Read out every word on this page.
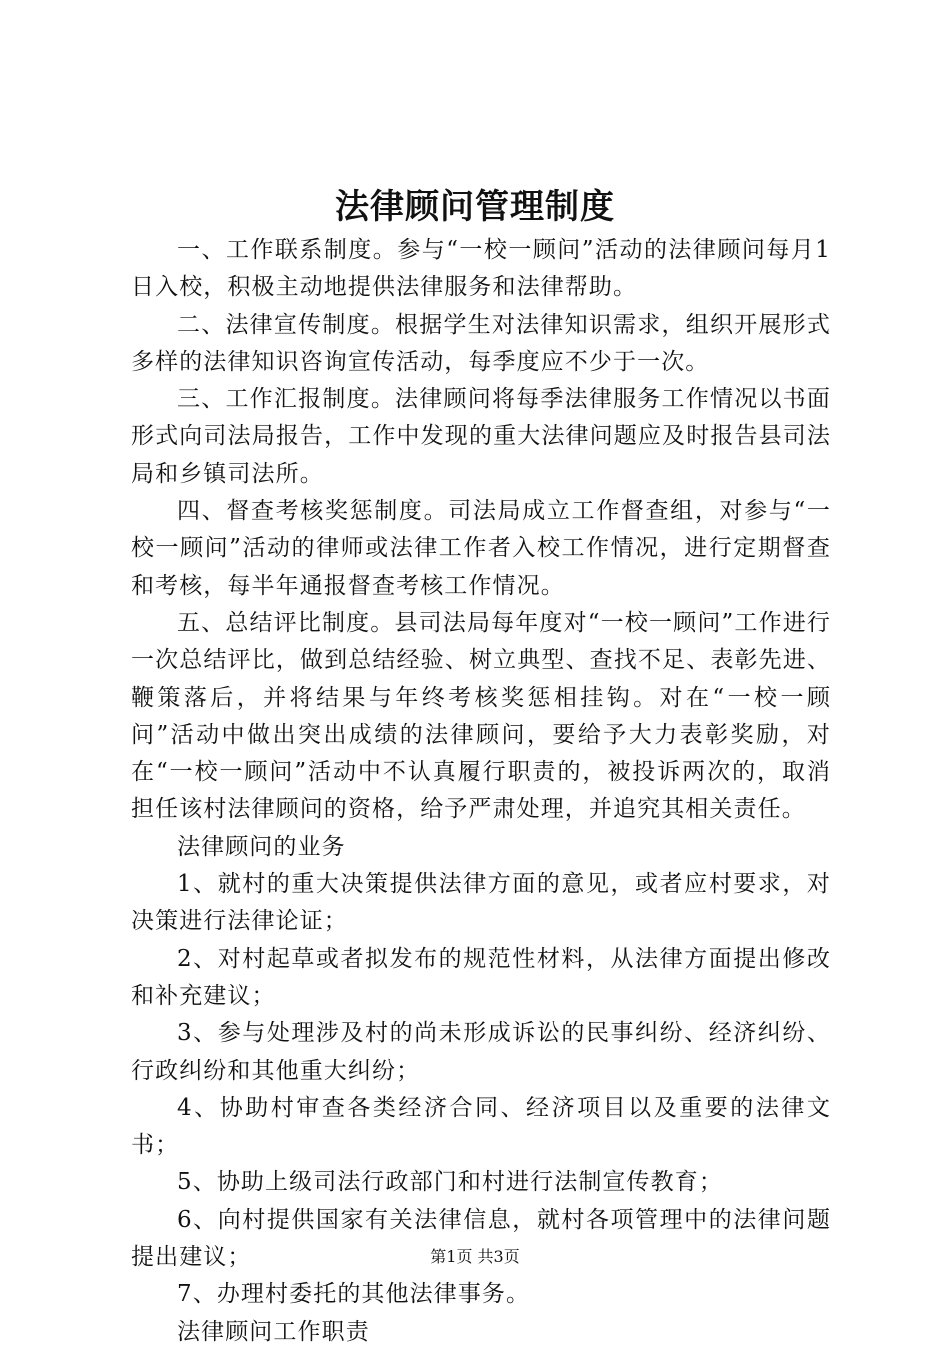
法律顾问管理制度

一、工作联系制度。参与“一校一顾问”活动的法律顾问每月1日入校，积极主动地提供法律服务和法律帮助。

二、法律宣传制度。根据学生对法律知识需求，组织开展形式多样的法律知识咨询宣传活动，每季度应不少于一次。

三、工作汇报制度。法律顾问将每季法律服务工作情况以书面形式向司法局报告，工作中发现的重大法律问题应及时报告县司法局和乡镇司法所。

四、督查考核奖惩制度。司法局成立工作督查组，对参与“一校一顾问”活动的律师或法律工作者入校工作情况，进行定期督查和考核，每半年通报督查考核工作情况。

五、总结评比制度。县司法局每年度对“一校一顾问”工作进行一次总结评比，做到总结经验、树立典型、查找不足、表彰先进、鞭策落后，并将结果与年终考核奖惩相挂钩。对在“一校一顾问”活动中做出突出成绩的法律顾问，要给予大力表彰奖励，对在“一校一顾问”活动中不认真履行职责的，被投诉两次的，取消担任该村法律顾问的资格，给予严肃处理，并追究其相关责任。

法律顾问的业务

1、就村的重大决策提供法律方面的意见，或者应村要求，对决策进行法律论证；

2、对村起草或者拟发布的规范性材料，从法律方面提出修改和补充建议；

3、参与处理涉及村的尚未形成诉讼的民事纠纷、经济纠纷、行政纠纷和其他重大纠纷；

4、协助村审查各类经济合同、经济项目以及重要的法律文书；

5、协助上级司法行政部门和村进行法制宣传教育；

6、向村提供国家有关法律信息，就村各项管理中的法律问题提出建议；

7、办理村委托的其他法律事务。

法律顾问工作职责

第1页 共3页
